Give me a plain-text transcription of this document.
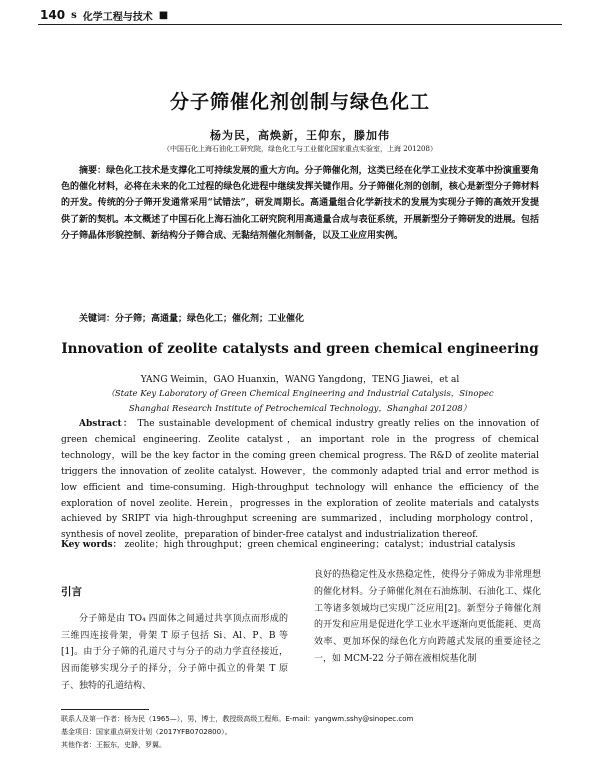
140 s 化学工程与技术 ■
分子筛催化剂创制与绿色化工
杨为民，高焕新，王仰东，滕加伟
（中国石化上海石油化工研究院，绿色化工与工业催化国家重点实验室，上海 201208）
摘要：绿色化工技术是支撑化工可持续发展的重大方向。分子筛催化剂，这类已经在化学工业技术变革中扮演重要角色的催化材料，必将在未来的化工过程的绿色化进程中继续发挥关键作用。分子筛催化剂的创制，核心是新型分子筛材料的开发。传统的分子筛开发通常采用“试错法”，研发周期长。高通量组合化学新技术的发展为实现分子筛的高效开发提供了新的契机。本文概述了中国石化上海石油化工研究院利用高通量合成与表征系统，开展新型分子筛研发的进展。包括分子筛晶体形貌控制、新结构分子筛合成、无黏结剂催化剂制备，以及工业应用实例。
关键词：分子筛；高通量；绿色化工；催化剂；工业催化
Innovation of zeolite catalysts and green chemical engineering
YANG Weimin，GAO Huanxin，WANG Yangdong，TENG Jiawei，et al
（State Key Laboratory of Green Chemical Engineering and Industrial Catalysis，Sinopec
Shanghai Research Institute of Petrochemical Technology，Shanghai 201208）
Abstract： The sustainable development of chemical industry greatly relies on the innovation of green chemical engineering. Zeolite catalyst，an important role in the progress of chemical technology，will be the key factor in the coming green chemical progress. The R&D of zeolite material triggers the innovation of zeolite catalyst. However，the commonly adapted trial and error method is low efficient and time-consuming. High-throughput technology will enhance the efficiency of the exploration of novel zeolite. Herein，progresses in the exploration of zeolite materials and catalysts achieved by SRIPT via high-throughput screening are summarized，including morphology control，synthesis of novel zeolite，preparation of binder-free catalyst and industrialization thereof.
Key words： zeolite；high throughput；green chemical engineering；catalyst；industrial catalysis
引言

分子筛是由 TO₄ 四面体之间通过共享顶点而形成的三维四连接骨架，骨架 T 原子包括 Si、Al、P、B 等[1]。由于分子筛的孔道尺寸与分子的动力学直径接近，因而能够实现分子的择分，分子筛中孤立的骨架 T 原子、独特的孔道结构、

良好的热稳定性及水热稳定性，使得分子筛成为非常理想的催化材料。分子筛催化剂在石油炼制、石油化工、煤化工等诸多领域均已实现广泛应用[2]。新型分子筛催化剂的开发和应用是促进化学工业水平逐渐向更低能耗、更高效率、更加环保的绿色化方向跨越式发展的重要途径之一，如 MCM-22 分子筛在液相烷基化制

联系人及第一作者：杨为民（1965—），男，博士，教授级高级工程师。E-mail：yangwm.sshy@sinopec.com
基金项目：国家重点研发计划（2017YFB0702800）。
其他作者：王振东，史静，罗翼。
